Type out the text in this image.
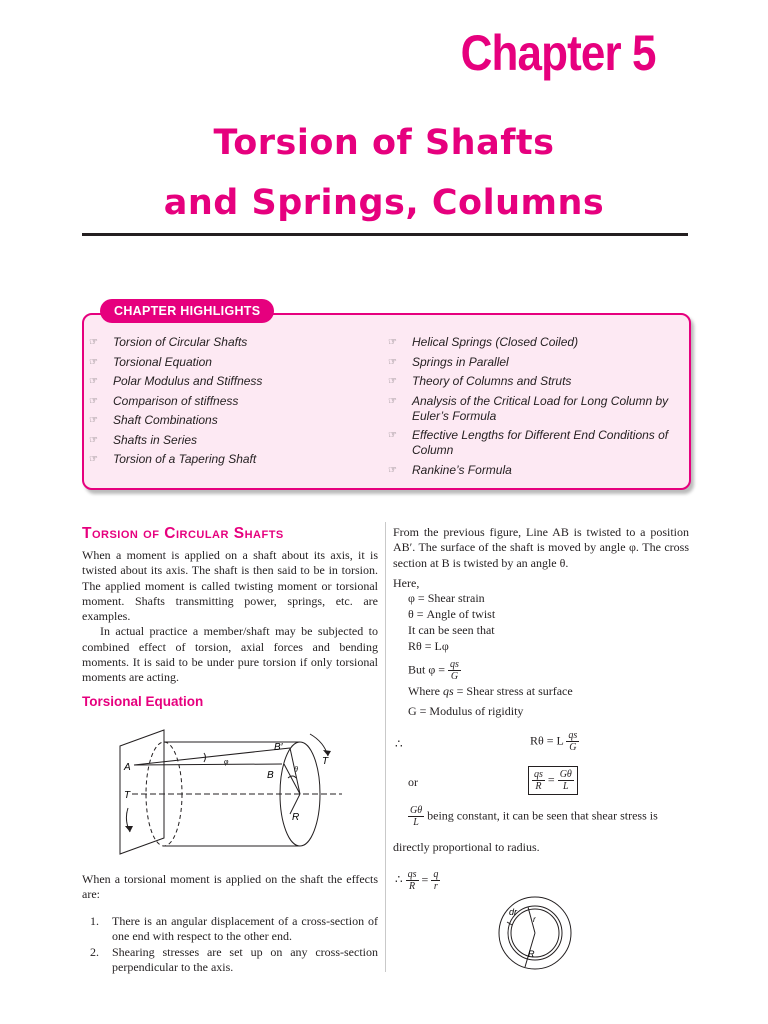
Chapter 5
Torsion of Shafts
and Springs, Columns
CHAPTER HIGHLIGHTS
☞ Torsion of Circular Shafts
☞ Torsional Equation
☞ Polar Modulus and Stiffness
☞ Comparison of stiffness
☞ Shaft Combinations
☞ Shafts in Series
☞ Torsion of a Tapering Shaft
☞ Helical Springs (Closed Coiled)
☞ Springs in Parallel
☞ Theory of Columns and Struts
☞ Analysis of the Critical Load for Long Column by Euler’s Formula
☞ Effective Lengths for Different End Conditions of Column
☞ Rankine’s Formula
Torsion of Circular Shafts

When a moment is applied on a shaft about its axis, it is twisted about its axis. The shaft is then said to be in torsion. The applied moment is called twisting moment or torsional moment. Shafts transmitting power, springs, etc. are examples.

In actual practice a member/shaft may be subjected to combined effect of torsion, axial forces and bending moments. It is said to be under pure torsion if only torsional moments are acting.

Torsional Equation
B′
A
B
T
T
φ
θ
R

When a torsional moment is applied on the shaft the effects are:

1. There is an angular displacement of a cross-section of one end with respect to the other end.
2. Shearing stresses are set up on any cross-section perpendicular to the axis.

From the previous figure, Line AB is twisted to a position AB′. The surface of the shaft is moved by angle φ. The cross section at B is twisted by an angle θ.

Here,
φ = Shear strain
θ = Angle of twist
It can be seen that
Rθ = Lφ
But $\varphi = \frac{qs}{G}$
Where qs = Shear stress at surface
G = Modulus of rigidity
∴	Rθ = L $\frac{qs}{G}$
or	$\frac{qs}{R} = \frac{G\theta}{L}$
$\frac{G\theta}{L}$ being constant, it can be seen that shear stress is
directly proportional to radius.
∴ $\frac{qs}{R} = \frac{q}{r}$
dr
r
R
